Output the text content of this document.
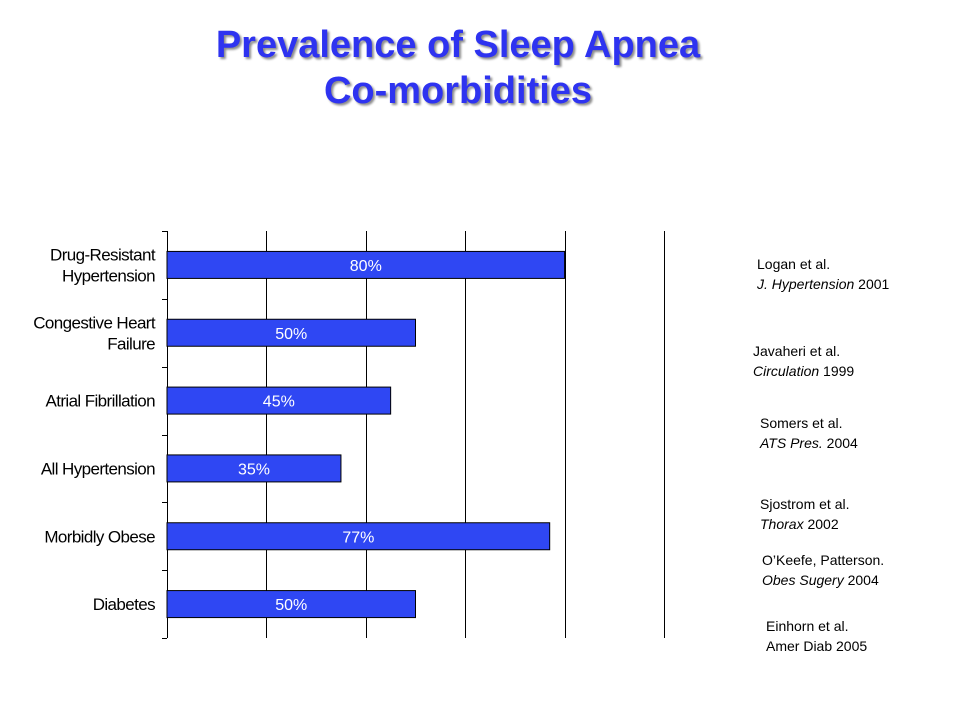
Prevalence of Sleep Apnea
Co-morbidities
80%
Drug-Resistant
Hypertension
50%
Congestive Heart
Failure
45%
Atrial Fibrillation
35%
All Hypertension
77%
Morbidly Obese
50%
Diabetes
Logan et al.
J. Hypertension 2001
Javaheri et al.
Circulation 1999
Somers et al.
ATS Pres. 2004
Sjostrom et al.
Thorax 2002
O’Keefe, Patterson.
Obes Sugery 2004
Einhorn et al.
Amer Diab 2005
